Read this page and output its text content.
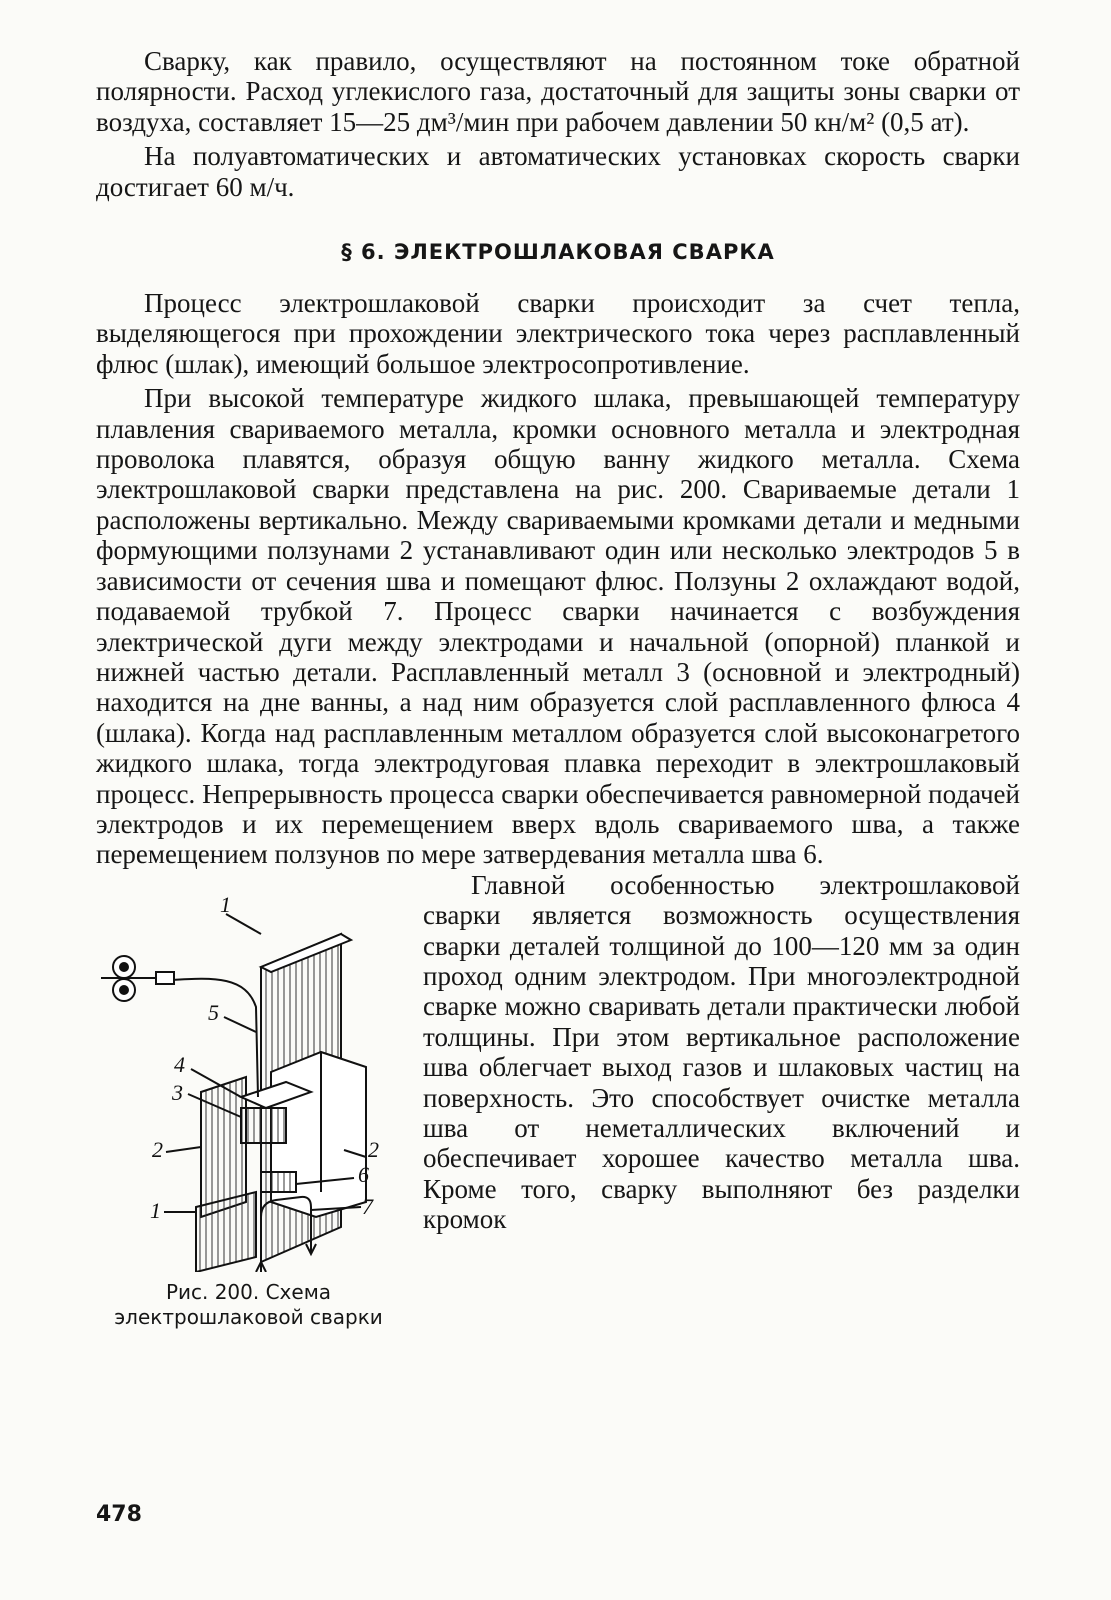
Сварку, как правило, осуществляют на постоянном токе обратной полярности. Расход углекислого газа, достаточный для защиты зоны сварки от воздуха, составляет 15—25 дм³/мин при рабочем давлении 50 кн/м² (0,5 ат).

На полуавтоматических и автоматических установках скорость сварки достигает 60 м/ч.

§ 6. ЭЛЕКТРОШЛАКОВАЯ СВАРКА

Процесс электрошлаковой сварки происходит за счет тепла, выделяющегося при прохождении электрического тока через расплавленный флюс (шлак), имеющий большое электросопротивление.

При высокой температуре жидкого шлака, превышающей температуру плавления свариваемого металла, кромки основного металла и электродная проволока плавятся, образуя общую ванну жидкого металла. Схема электрошлаковой сварки представлена на рис. 200. Свариваемые детали 1 расположены вертикально. Между свариваемыми кромками детали и медными формующими ползунами 2 устанавливают один или несколько электродов 5 в зависимости от сечения шва и помещают флюс. Ползуны 2 охлаждают водой, подаваемой трубкой 7. Процесс сварки начинается с возбуждения электрической дуги между электродами и начальной (опорной) планкой и нижней частью детали. Расплавленный металл 3 (основной и электродный) находится на дне ванны, а над ним образуется слой расплавленного флюса 4 (шлака). Когда над расплавленным металлом образуется слой высоконагретого жидкого шлака, тогда электродуговая плавка переходит в электрошлаковый процесс. Непрерывность процесса сварки обеспечивается равномерной подачей электродов и их перемещением вверх вдоль свариваемого шва, а также перемещением ползунов по мере затвердевания металла шва 6.

1
5
4
3
2
1
2
6
7
Рис. 200. Схема электрошлаковой сварки

Главной особенностью электрошлаковой сварки является возможность осуществления сварки деталей толщиной до 100—120 мм за один проход одним электродом. При многоэлектродной сварке можно сваривать детали практически любой толщины. При этом вертикальное расположение шва облегчает выход газов и шлаковых частиц на поверхность. Это способствует очистке металла шва от неметаллических включений и обеспечивает хорошее качество металла шва. Кроме того, сварку выполняют без разделки кромок

478
